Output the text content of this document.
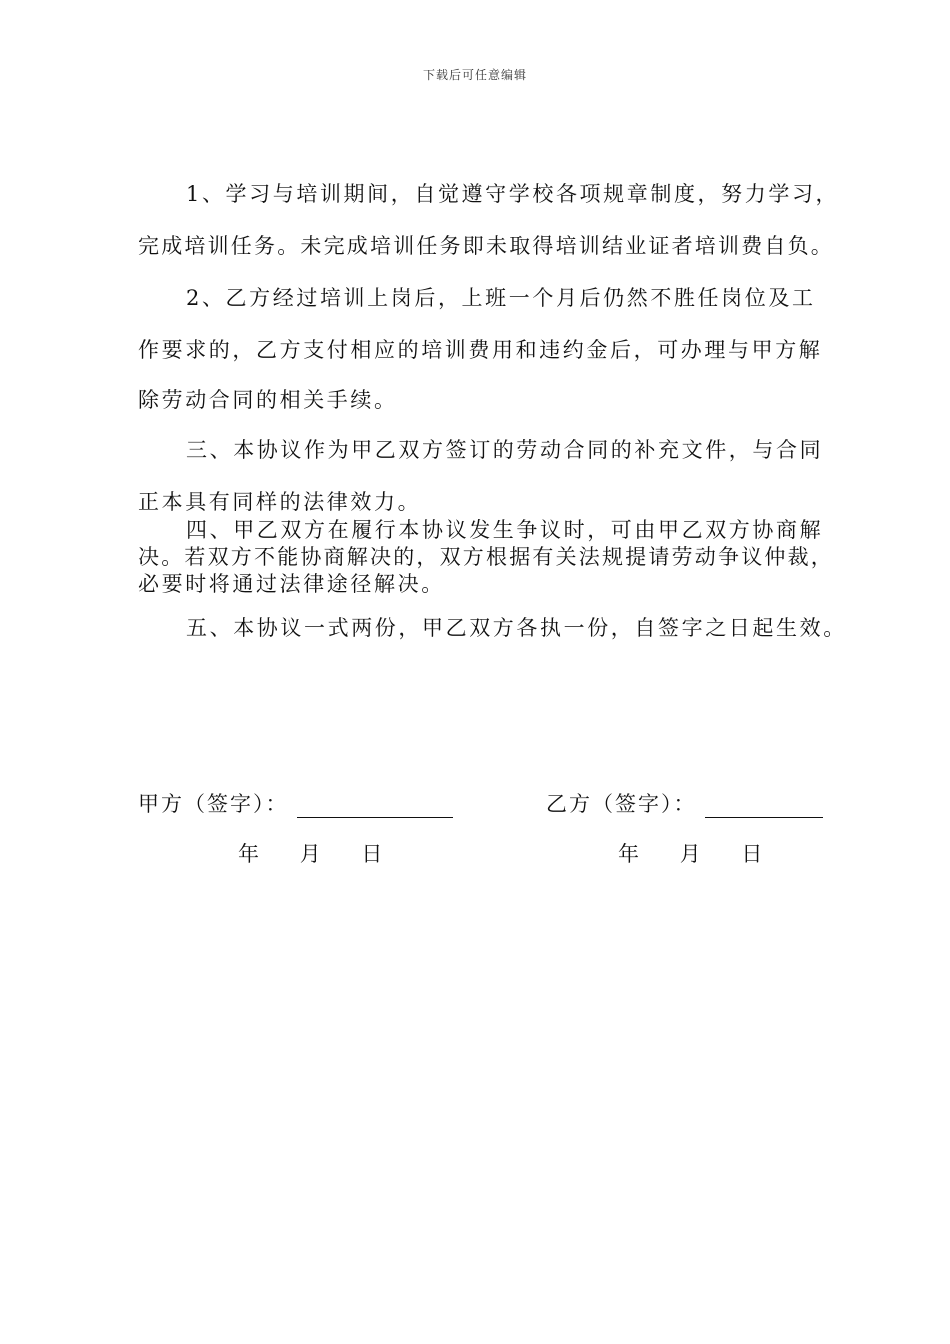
下载后可任意编辑
1、学习与培训期间，自觉遵守学校各项规章制度，努力学习，
完成培训任务。未完成培训任务即未取得培训结业证者培训费自负。
2、乙方经过培训上岗后，上班一个月后仍然不胜任岗位及工
作要求的，乙方支付相应的培训费用和违约金后，可办理与甲方解
除劳动合同的相关手续。
三、本协议作为甲乙双方签订的劳动合同的补充文件，与合同
正本具有同样的法律效力。
四、甲乙双方在履行本协议发生争议时，可由甲乙双方协商解
决。若双方不能协商解决的，双方根据有关法规提请劳动争议仲裁，
必要时将通过法律途径解决。
五、本协议一式两份，甲乙双方各执一份，自签字之日起生效。
甲方（签字）：	乙方（签字）：
年 月 日	年 月 日
